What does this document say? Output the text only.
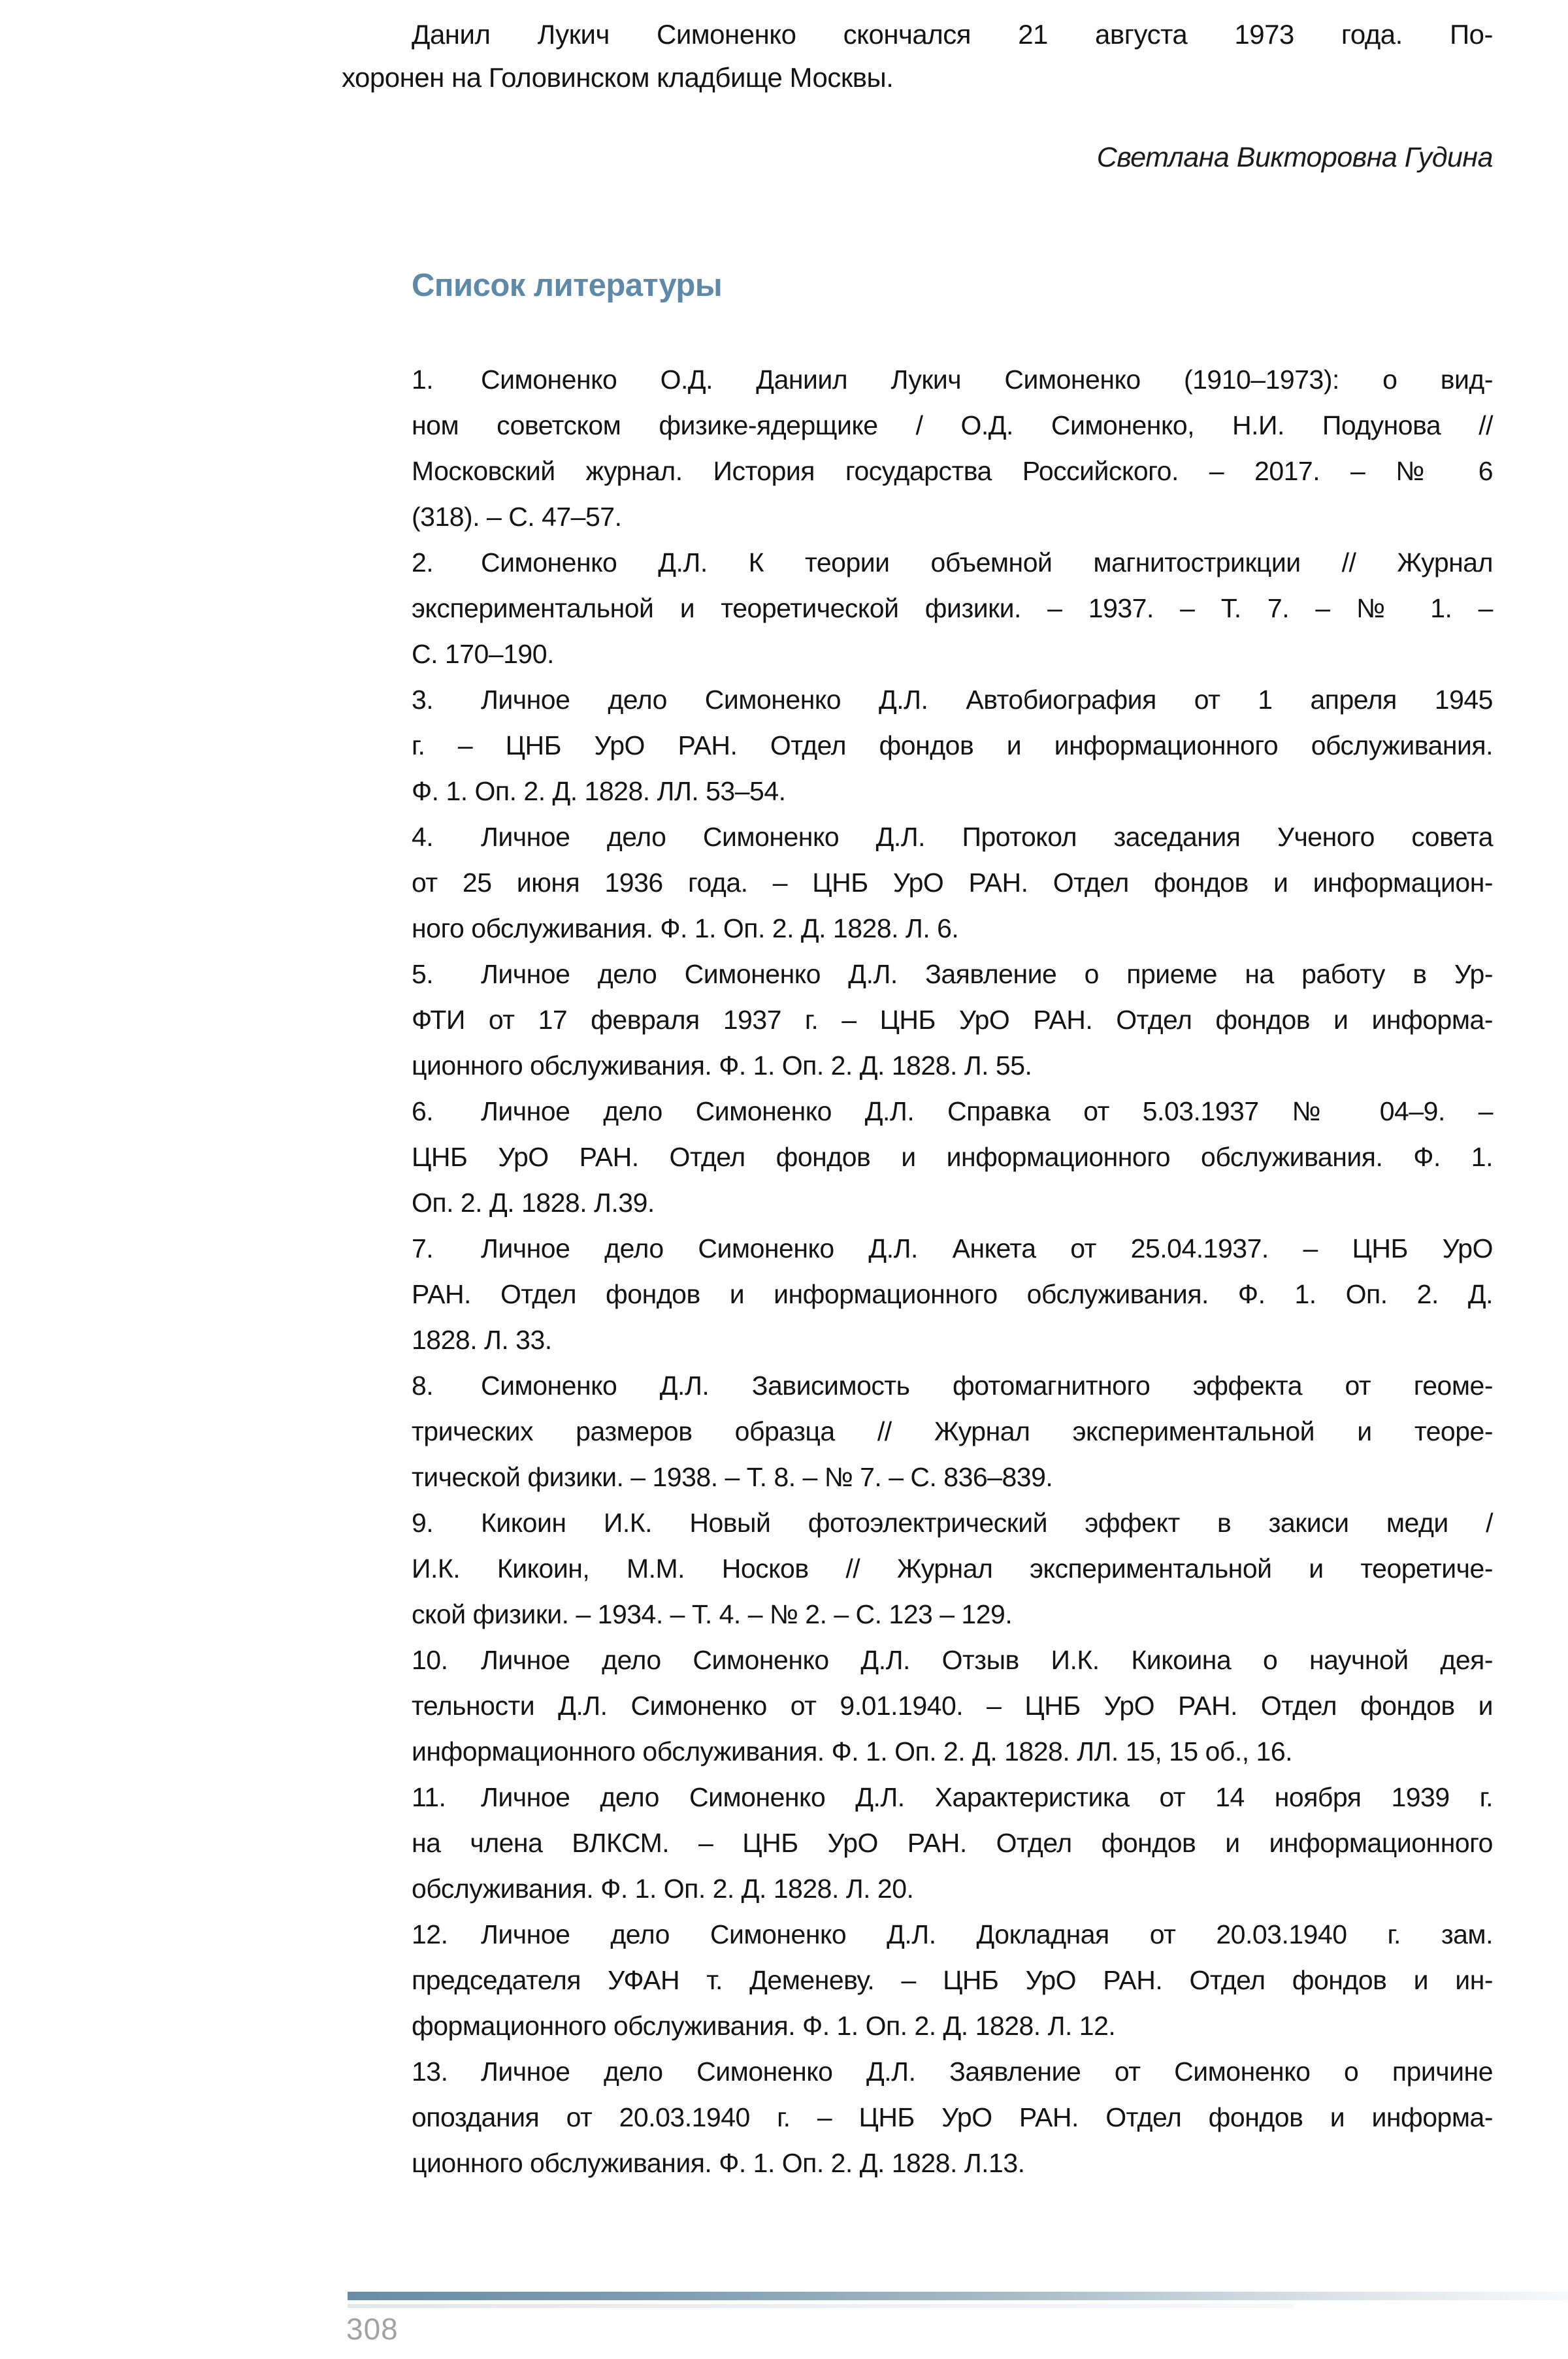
Данил Лукич Симоненко скончался 21 августа 1973 года. По-
хоронен на Головинском кладбище Москвы.
Светлана Викторовна Гудина
Список литературы
1. Симоненко О.Д. Даниил Лукич Симоненко (1910–1973): о вид-
ном советском физике-ядерщике / О.Д. Симоненко, Н.И. Подунова //
Московский журнал. История государства Российского. – 2017. – № 6
(318). – С. 47–57.
2. Симоненко Д.Л. К теории объемной магнитострикции // Журнал
экспериментальной и теоретической физики. – 1937. – Т. 7. – № 1. –
С. 170–190.
3. Личное дело Симоненко Д.Л. Автобиография от 1 апреля 1945
г. – ЦНБ УрО РАН. Отдел фондов и информационного обслуживания.
Ф. 1. Оп. 2. Д. 1828. ЛЛ. 53–54.
4. Личное дело Симоненко Д.Л. Протокол заседания Ученого совета
от 25 июня 1936 года. – ЦНБ УрО РАН. Отдел фондов и информацион-
ного обслуживания. Ф. 1. Оп. 2. Д. 1828. Л. 6.
5. Личное дело Симоненко Д.Л. Заявление о приеме на работу в Ур-
ФТИ от 17 февраля 1937 г. – ЦНБ УрО РАН. Отдел фондов и информа-
ционного обслуживания. Ф. 1. Оп. 2. Д. 1828. Л. 55.
6. Личное дело Симоненко Д.Л. Справка от 5.03.1937 № 04–9. –
ЦНБ УрО РАН. Отдел фондов и информационного обслуживания. Ф. 1.
Оп. 2. Д. 1828. Л.39.
7. Личное дело Симоненко Д.Л. Анкета от 25.04.1937. – ЦНБ УрО
РАН. Отдел фондов и информационного обслуживания. Ф. 1. Оп. 2. Д.
1828. Л. 33.
8. Симоненко Д.Л. Зависимость фотомагнитного эффекта от геоме-
трических размеров образца // Журнал экспериментальной и теоре-
тической физики. – 1938. – Т. 8. – № 7. – С. 836–839.
9. Кикоин И.К. Новый фотоэлектрический эффект в закиси меди /
И.К. Кикоин, М.М. Носков // Журнал экспериментальной и теоретиче-
ской физики. – 1934. – Т. 4. – № 2. – С. 123 – 129.
10. Личное дело Симоненко Д.Л. Отзыв И.К. Кикоина о научной дея-
тельности Д.Л. Симоненко от 9.01.1940. – ЦНБ УрО РАН. Отдел фондов и
информационного обслуживания. Ф. 1. Оп. 2. Д. 1828. ЛЛ. 15, 15 об., 16.
11. Личное дело Симоненко Д.Л. Характеристика от 14 ноября 1939 г.
на члена ВЛКСМ. – ЦНБ УрО РАН. Отдел фондов и информационного
обслуживания. Ф. 1. Оп. 2. Д. 1828. Л. 20.
12. Личное дело Симоненко Д.Л. Докладная от 20.03.1940 г. зам.
председателя УФАН т. Деменеву. – ЦНБ УрО РАН. Отдел фондов и ин-
формационного обслуживания. Ф. 1. Оп. 2. Д. 1828. Л. 12.
13. Личное дело Симоненко Д.Л. Заявление от Симоненко о причине
опоздания от 20.03.1940 г. – ЦНБ УрО РАН. Отдел фондов и информа-
ционного обслуживания. Ф. 1. Оп. 2. Д. 1828. Л.13.
308
